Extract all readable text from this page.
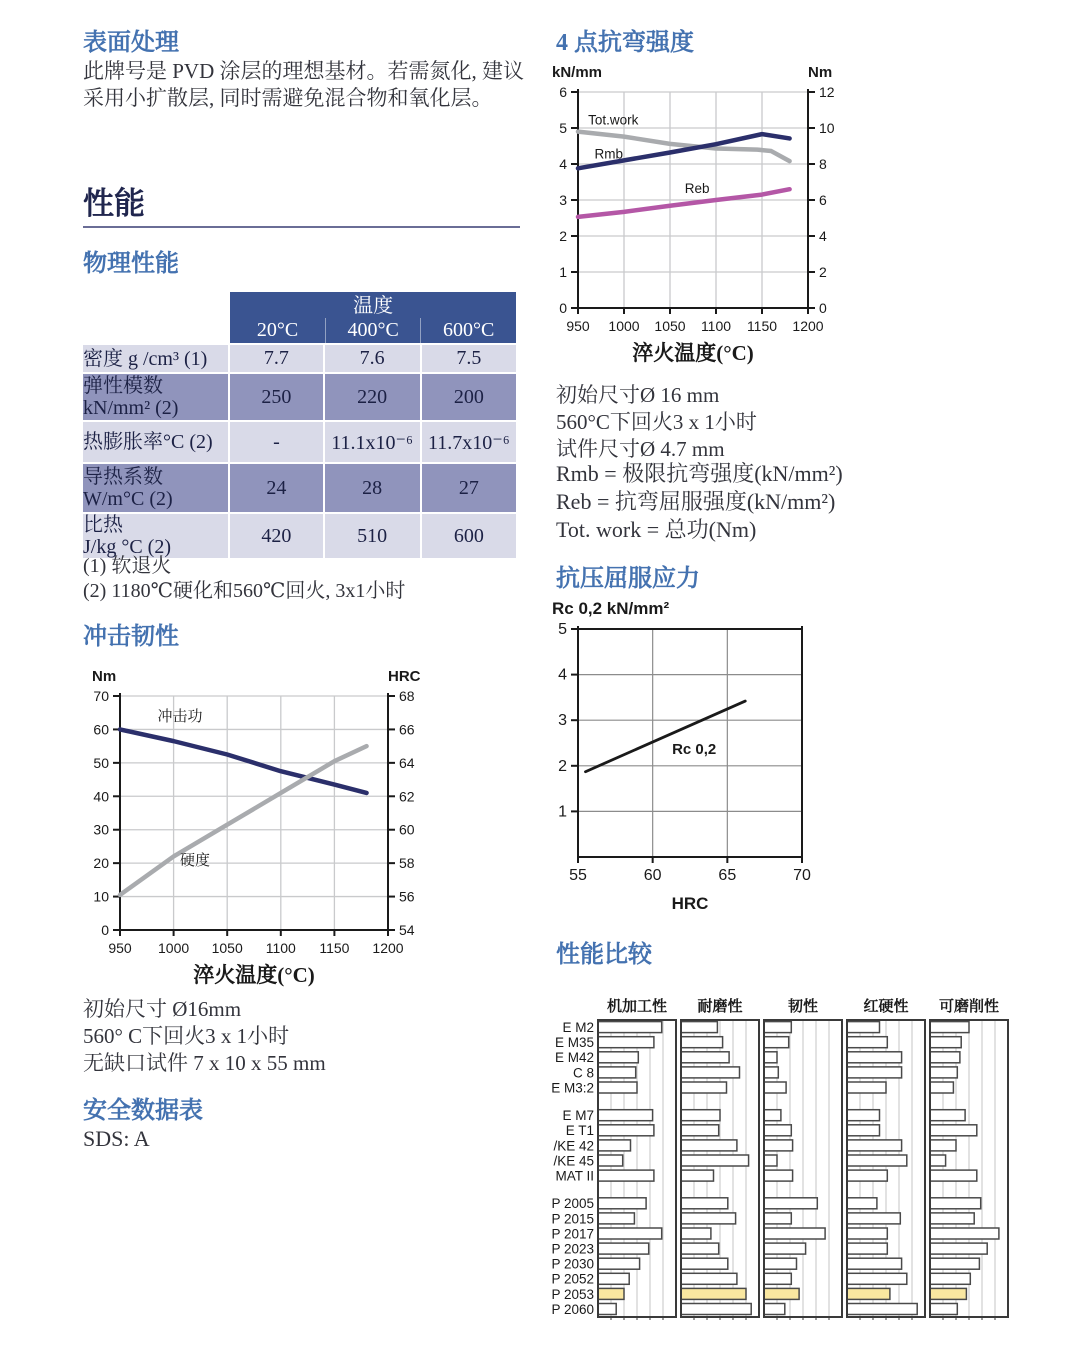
表面处理

此牌号是 PVD 涂层的理想基材。若需氮化, 建议采用小扩散层, 同时需避免混合物和氧化层。

性能
物理性能

	温度
20°C 400°C 600°C		

密度 g /cm³ (1)	7.7	7.6	7.5

弹性模数
kN/mm² (2)	250	220	200

热膨胀率°C (2)	-	11.1x10⁻⁶	11.7x10⁻⁶

导热系数
W/m°C (2)	24	28	27

比热
J/kg °C (2)	420	510	600
(1) 软退火
(2) 1180℃硬化和560℃回火, 3x1小时
冲击韧性
0
10
20
30
40
50
60
70
54
56
58
60
62
64
66
68
950 1000 1050 1100 1150 1200
Nm	HRC
淬火温度(°C)
冲击功
硬度
初始尺寸 Ø16mm
560° C下回火3 x 1小时
无缺口试件 7 x 10 x 55 mm
安全数据表
SDS: A
4 点抗弯强度
0
1
2
3
4
5
6
0
2
4
6
8
10
12
950 1000 1050 1100 1150 1200
kN/mm	Nm
淬火温度(°C)
Tot.work
Rmb
Reb
初始尺寸Ø 16 mm
560°C下回火3 x 1小时
试件尺寸Ø 4.7 mm
Rmb = 极限抗弯强度(kN/mm²)
Reb = 抗弯屈服强度(kN/mm²)
Tot. work = 总功(Nm)
抗压屈服应力
1
2
3
4
5
55	60	65	70
Rc 0,2 kN/mm²
HRC
Rc 0,2
性能比较
E M2
E M35
E M42
C 8
E M3:2
E M7
E T1
/KE 42
/KE 45
MAT II
P 2005
P 2015
P 2017
P 2023
P 2030
P 2052
P 2053
P 2060
机加工性 耐磨性	韧性	红硬性 可磨削性
